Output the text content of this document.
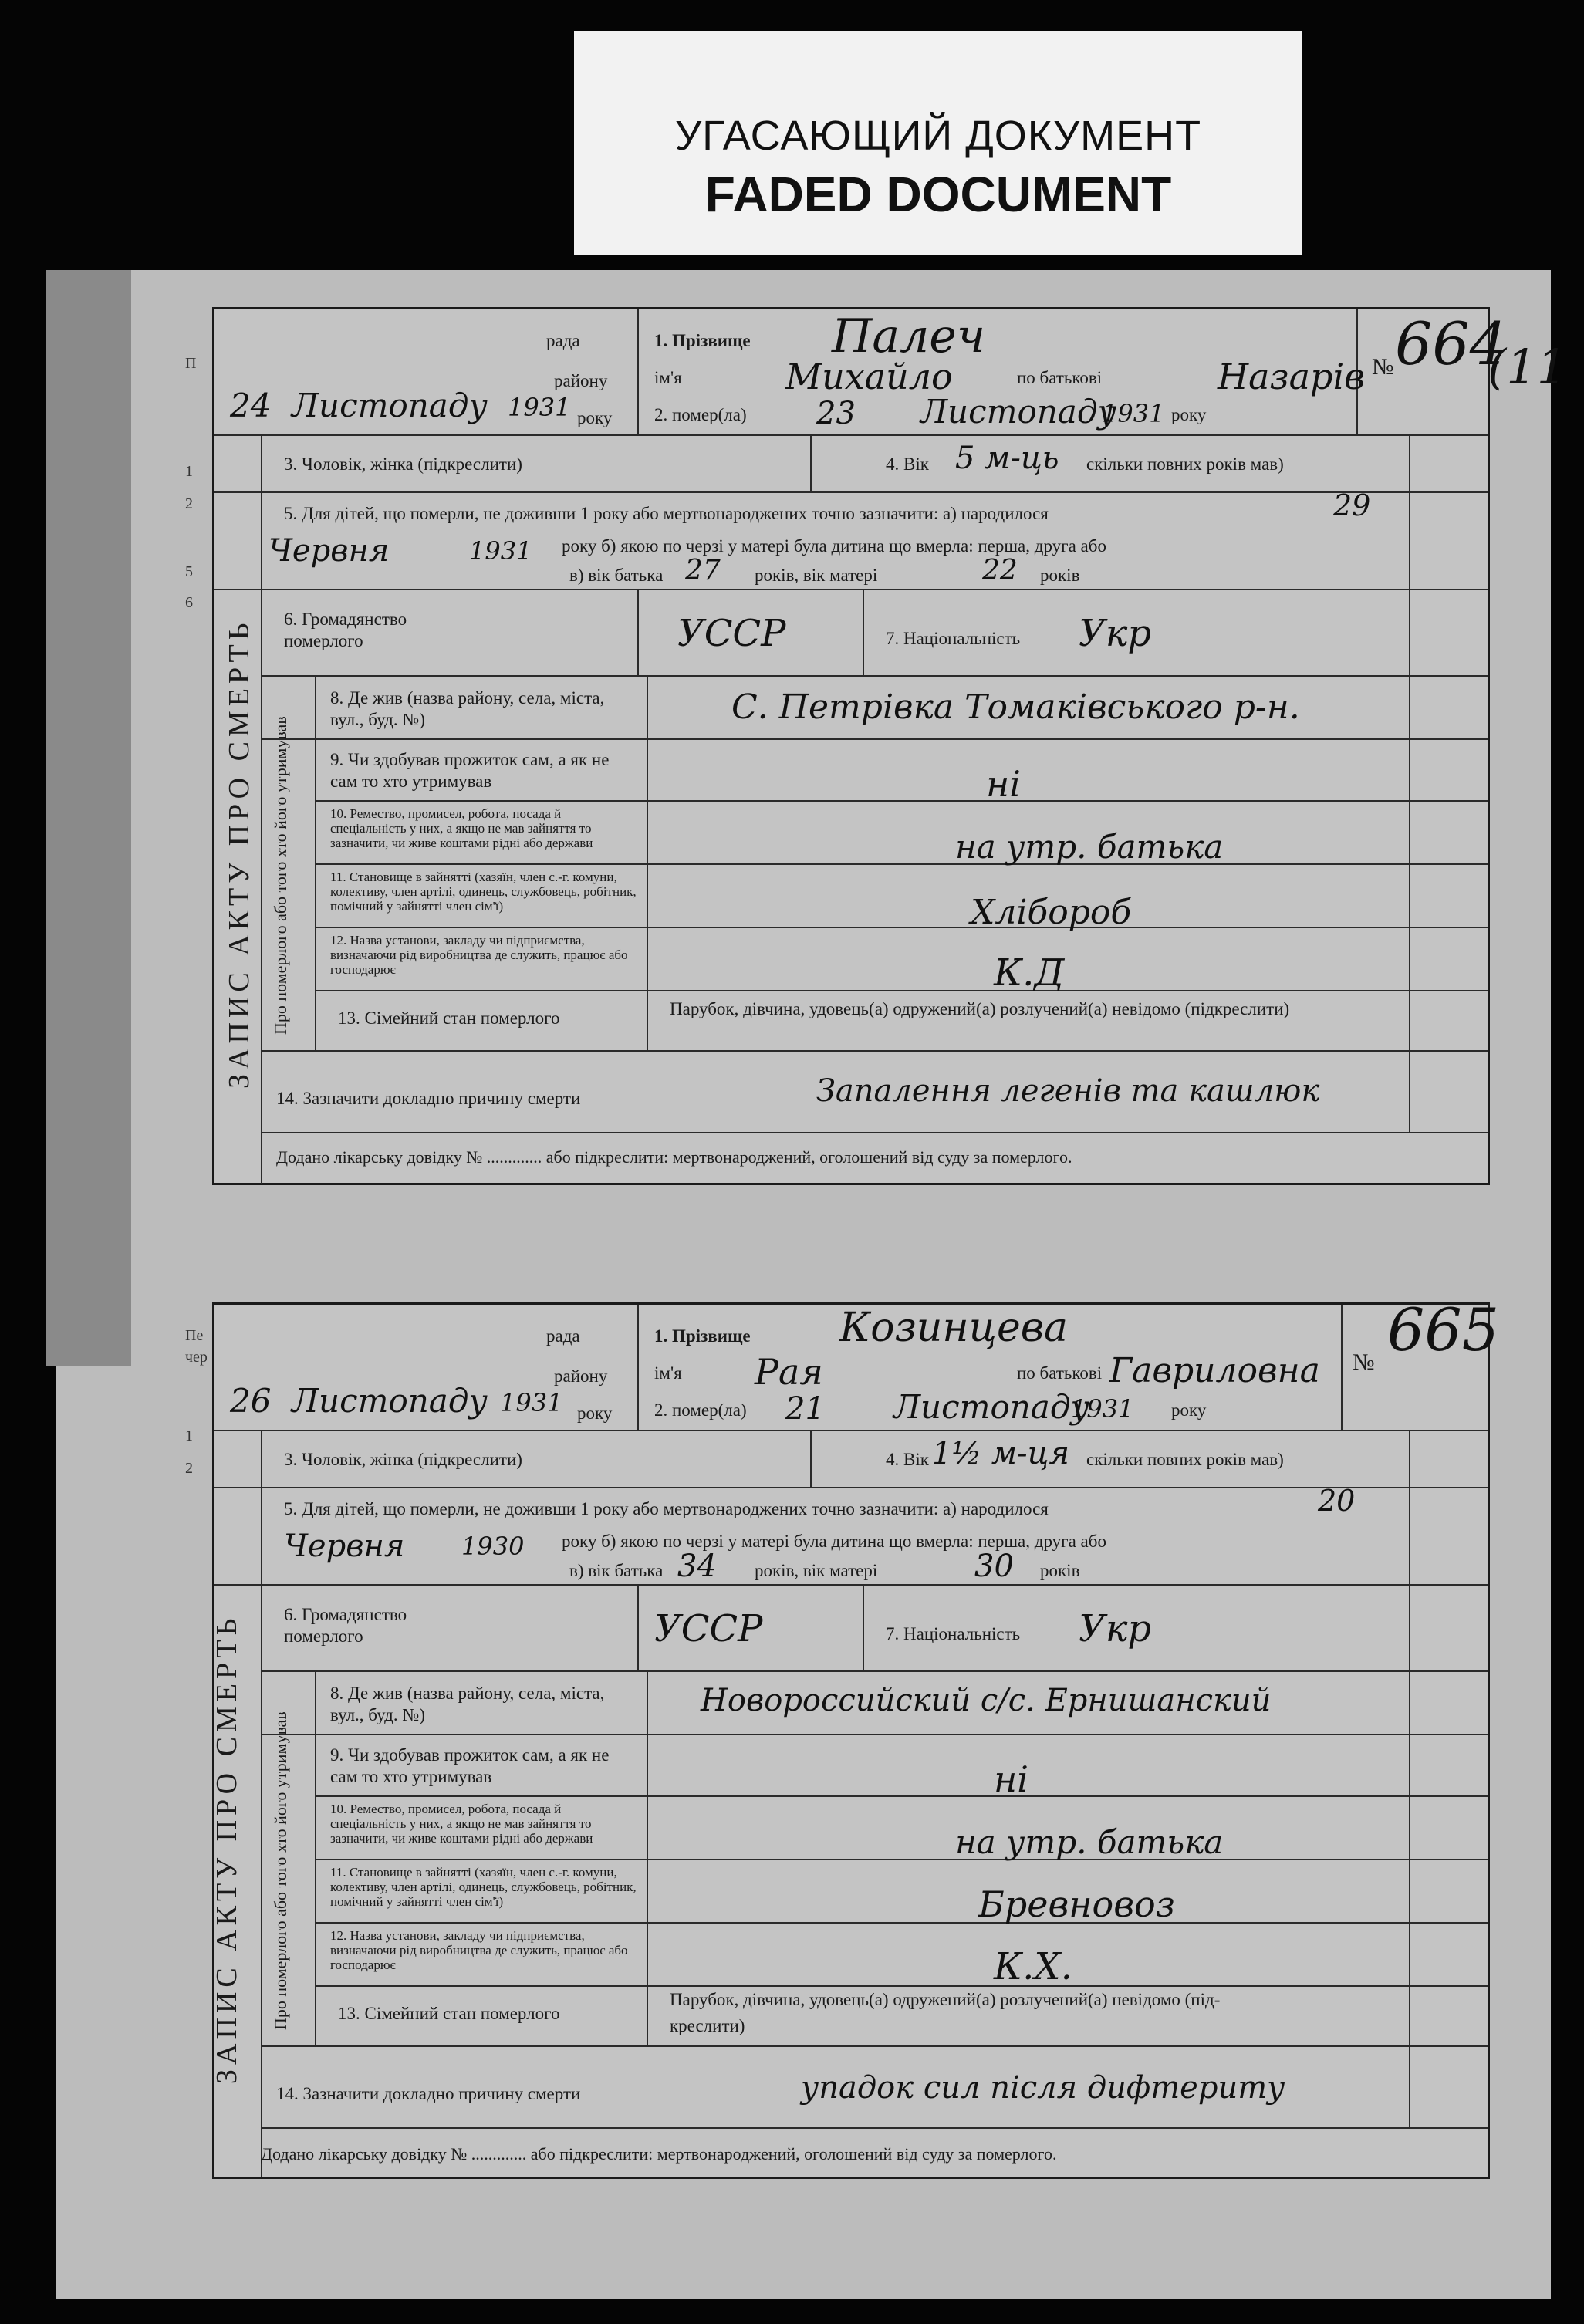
УГАСАЮЩИЙ ДОКУМЕНТ
FADED DOCUMENT
П
1
2
5
6
Пе
чер
1
2
рада
району
року
1. Прізвище
ім'я	по батькові
2. помер(ла)	року
№
24 Листопаду 1931
Палеч
Михайло	Назарів
23 Листопаду
1931
664
(11
3. Чоловік, жінка (підкреслити)	4. Вік	скільки повних років мав)
5 м-ць
5. Для дітей, що померли, не доживши 1 року або мертвонароджених точно зазначити: а) народилося	29
Червня	1931 року б) якою по черзі у матері була дитина що вмерла: перша, друга або
в) вік батька 27 років, вік матері	22 років
6. Громадянство померлого	УССР	7. Національність Укр
ЗАПИС АКТУ ПРО СМЕРТЬ Про померлого або того хто його утримував
8. Де жив (назва району, села, міста, вул., буд. №)	С. Петрівка Томаківського р-н.
9. Чи здобував прожиток сам, а як не сам то хто утримував	ні
10. Ремество, промисел, робота, посада й спеціальність у них, а якщо не мав зайняття то зазначити, чи живе коштами рідні або держави	на утр. батька
11. Становище в зайнятті (хазяїн, член с.-г. комуни, колективу, член артілі, одинець, службовець, робітник, помічний у зайнятті член сім'ї)	Хлібороб
12. Назва установи, закладу чи підприємства, визначаючи рід виробництва де служить, працює або господарює	К.Д
13. Сімейний стан померлого	Парубок, дівчина, удовець(а) одружений(а) розлучений(а) невідомо (підкреслити)
14. Зазначити докладно причину смерти	Запалення легенів та кашлюк
Додано лікарську довідку № ............. або підкреслити: мертвонароджений, оголошений від суду за померлого.
рада
району
року
1. Прізвище
ім'я	по батькові
2. помер(ла)	року
№
26 Листопаду 1931
Козинцева
Рая	Гавриловна
21 Листопаду
1931
665
3. Чоловік, жінка (підкреслити)	4. Вік	скільки повних років мав)
1½ м-ця
5. Для дітей, що померли, не доживши 1 року або мертвонароджених точно зазначити: а) народилося	20
Червня 1930 року б) якою по черзі у матері була дитина що вмерла: перша, друга або
в) вік батька 34 років, вік матері	30 років
6. Громадянство померлого	УССР	7. Національність Укр
ЗАПИС АКТУ ПРО СМЕРТЬ Про померлого або того хто його утримував
8. Де жив (назва району, села, міста, вул., буд. №)	Новороссийский с/с. Ернишанский
9. Чи здобував прожиток сам, а як не сам то хто утримував	ні
10. Ремество, промисел, робота, посада й спеціальність у них, а якщо не мав зайняття то зазначити, чи живе коштами рідні або держави	на утр. батька
11. Становище в зайнятті (хазяїн, член с.-г. комуни, колективу, член артілі, одинець, службовець, робітник, помічний у зайнятті член сім'ї)	Бревновоз
12. Назва установи, закладу чи підприємства, визначаючи рід виробництва де служить, працює або господарює	К.Х.
13. Сімейний стан померлого
Парубок, дівчина, удовець(а) одружений(а) розлучений(а) невідомо (під-
креслити)
14. Зазначити докладно причину смерти	упадок сил після дифтериту
Додано лікарську довідку № ............. або підкреслити: мертвонароджений, оголошений від суду за померлого.
